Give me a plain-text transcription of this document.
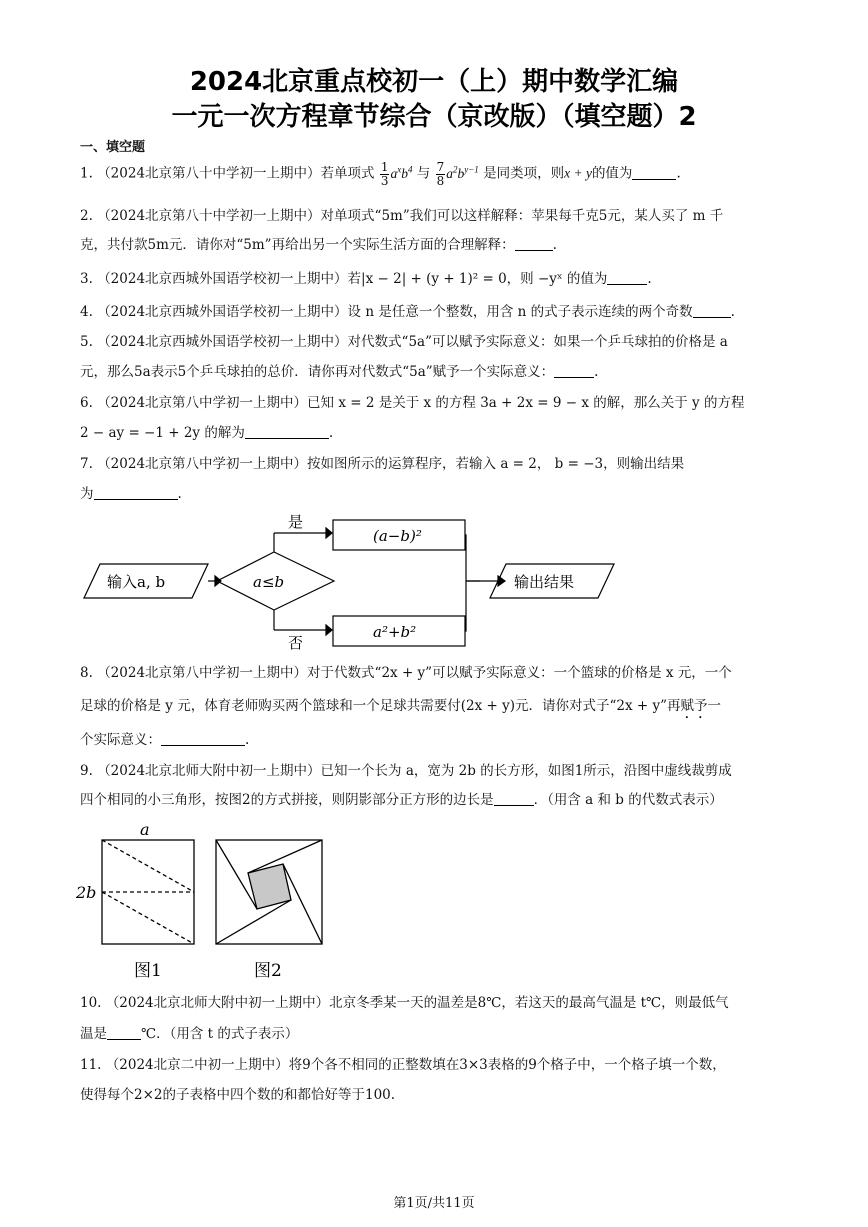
2024北京重点校初一（上）期中数学汇编
一元一次方程章节综合（京改版）（填空题）2
一、填空题
1. （2024北京第八十中学初一上期中）若单项式 $\frac{1}{3} a^xb^4$ 与 $\frac{7}{8} a^2b^{y-1}$ 是同类项，则x + y的值为	.
2. （2024北京第八十中学初一上期中）对单项式“5m”我们可以这样解释：苹果每千克5元，某人买了 m 千
克，共付款5m元．请你对“5m”再给出另一个实际生活方面的合理解释：	.
3. （2024北京西城外国语学校初一上期中）若|x − 2| + (y + 1)² = 0，则 −yˣ 的值为	.
4. （2024北京西城外国语学校初一上期中）设 n 是任意一个整数，用含 n 的式子表示连续的两个奇数	.
5. （2024北京西城外国语学校初一上期中）对代数式“5a”可以赋予实际意义：如果一个乒乓球拍的价格是 a
元，那么5a表示5个乒乓球拍的总价．请你再对代数式“5a”赋予一个实际意义：	.
6. （2024北京第八中学初一上期中）已知 x = 2 是关于 x 的方程 3a + 2x = 9 − x 的解，那么关于 y 的方程
2 − ay = −1 + 2y 的解为	.
7. （2024北京第八中学初一上期中）按如图所示的运算程序，若输入 a = 2， b = −3，则输出结果
为	.
输入a, b	a≤b
是
否
(a−b)²
a²+b²
输出结果
8. （2024北京第八中学初一上期中）对于代数式“2x + y”可以赋予实际意义：一个篮球的价格是 x 元，一个
足球的价格是 y 元，体育老师购买两个篮球和一个足球共需要付(2x + y)元．请你对式子“2x + y”再赋予一
个实际意义：	.
9. （2024北京北师大附中初一上期中）已知一个长为 a，宽为 2b 的长方形，如图1所示，沿图中虚线裁剪成
四个相同的小三角形，按图2的方式拼接，则阴影部分正方形的边长是	．（用含 a 和 b 的代数式表示）
a
2b
图1	图2
10. （2024北京北师大附中初一上期中）北京冬季某一天的温差是8℃，若这天的最高气温是 t℃，则最低气
温是	℃．（用含 t 的式子表示）
11. （2024北京二中初一上期中）将9个各不相同的正整数填在3×3表格的9个格子中，一个格子填一个数，
使得每个2×2的子表格中四个数的和都恰好等于100.
第1页/共11页
